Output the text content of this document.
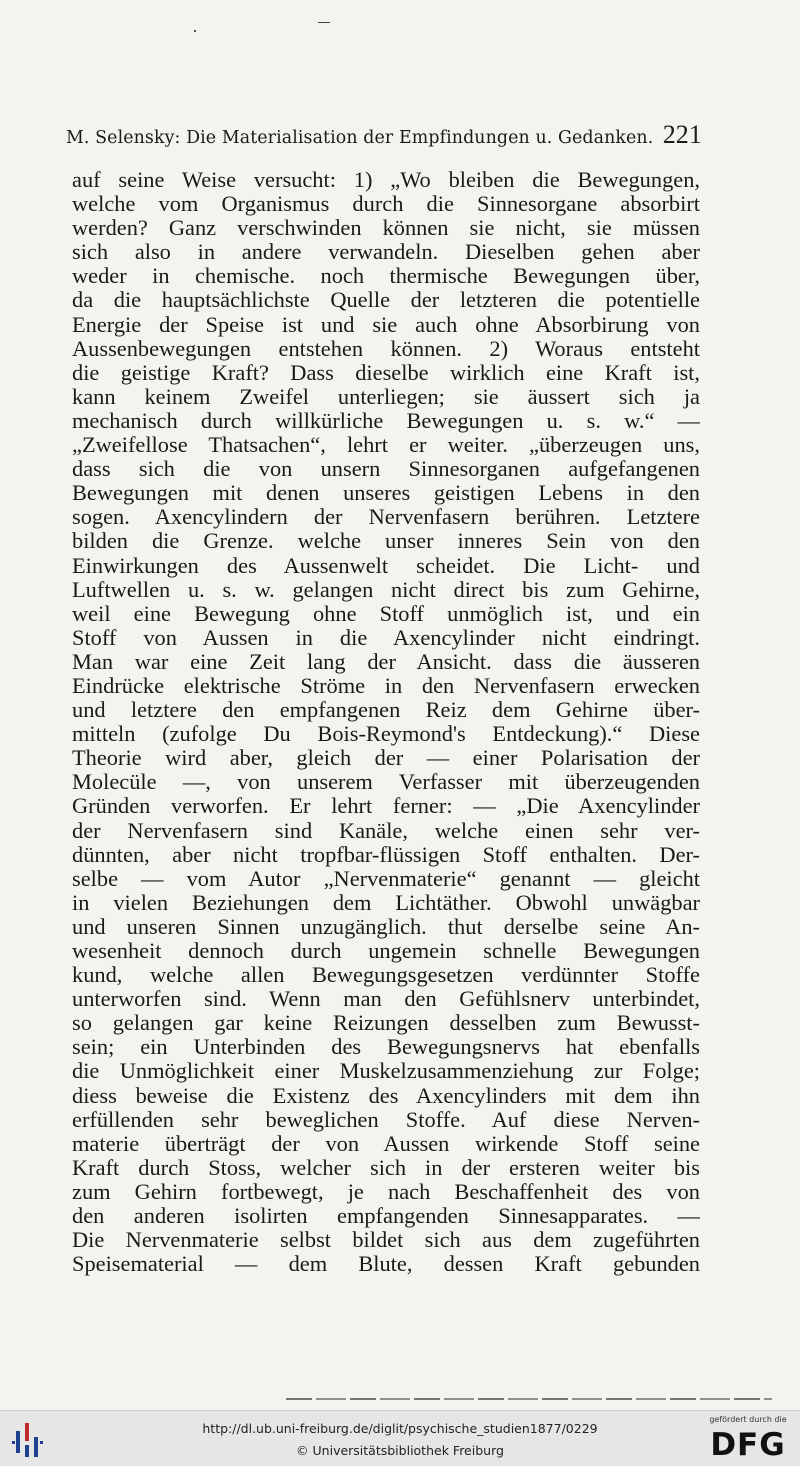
M. Selensky: Die Materialisation der Empfindungen u. Gedanken. 221
auf seine Weise versucht: 1) „Wo bleiben die Bewegungen,
welche vom Organismus durch die Sinnesorgane absorbirt
werden? Ganz verschwinden können sie nicht, sie müssen
sich also in andere verwandeln. Dieselben gehen aber
weder in chemische. noch thermische Bewegungen über,
da die hauptsächlichste Quelle der letzteren die potentielle
Energie der Speise ist und sie auch ohne Absorbirung von
Aussenbewegungen entstehen können. 2) Woraus entsteht
die geistige Kraft? Dass dieselbe wirklich eine Kraft ist,
kann keinem Zweifel unterliegen; sie äussert sich ja
mechanisch durch willkürliche Bewegungen u. s. w.“ —
„Zweifellose Thatsachen“, lehrt er weiter. „überzeugen uns,
dass sich die von unsern Sinnesorganen aufgefangenen
Bewegungen mit denen unseres geistigen Lebens in den
sogen. Axencylindern der Nervenfasern berühren. Letztere
bilden die Grenze. welche unser inneres Sein von den
Einwirkungen des Aussenwelt scheidet. Die Licht- und
Luftwellen u. s. w. gelangen nicht direct bis zum Gehirne,
weil eine Bewegung ohne Stoff unmöglich ist, und ein
Stoff von Aussen in die Axencylinder nicht eindringt.
Man war eine Zeit lang der Ansicht. dass die äusseren
Eindrücke elektrische Ströme in den Nervenfasern erwecken
und letztere den empfangenen Reiz dem Gehirne über-
mitteln (zufolge Du Bois-Reymond's Entdeckung).“ Diese
Theorie wird aber, gleich der — einer Polarisation der
Molecüle —, von unserem Verfasser mit überzeugenden
Gründen verworfen. Er lehrt ferner: — „Die Axencylinder
der Nervenfasern sind Kanäle, welche einen sehr ver-
dünnten, aber nicht tropfbar-flüssigen Stoff enthalten. Der-
selbe — vom Autor „Nervenmaterie“ genannt — gleicht
in vielen Beziehungen dem Lichtäther. Obwohl unwägbar
und unseren Sinnen unzugänglich. thut derselbe seine An-
wesenheit dennoch durch ungemein schnelle Bewegungen
kund, welche allen Bewegungsgesetzen verdünnter Stoffe
unterworfen sind. Wenn man den Gefühlsnerv unterbindet,
so gelangen gar keine Reizungen desselben zum Bewusst-
sein; ein Unterbinden des Bewegungsnervs hat ebenfalls
die Unmöglichkeit einer Muskelzusammenziehung zur Folge;
diess beweise die Existenz des Axencylinders mit dem ihn
erfüllenden sehr beweglichen Stoffe. Auf diese Nerven-
materie überträgt der von Aussen wirkende Stoff seine
Kraft durch Stoss, welcher sich in der ersteren weiter bis
zum Gehirn fortbewegt, je nach Beschaffenheit des von
den anderen isolirten empfangenden Sinnesapparates. —
Die Nervenmaterie selbst bildet sich aus dem zugeführten
Speisematerial — dem Blute, dessen Kraft gebunden
http://dl.ub.uni-freiburg.de/diglit/psychische_studien1877/0229
© Universitätsbibliothek Freiburg
gefördert durch die
DFG
